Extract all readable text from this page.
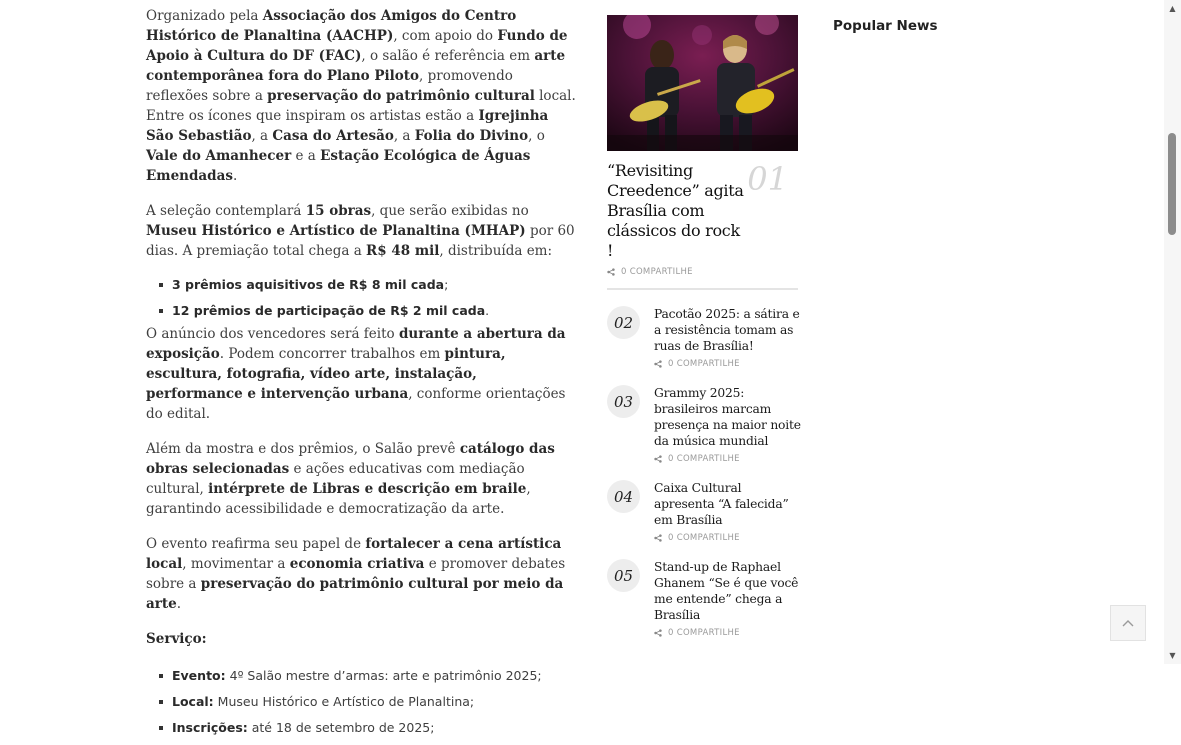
Organizado pela Associação dos Amigos do Centro Histórico de Planaltina (AACHP), com apoio do Fundo de Apoio à Cultura do DF (FAC), o salão é referência em arte contemporânea fora do Plano Piloto, promovendo reflexões sobre a preservação do patrimônio cultural local. Entre os ícones que inspiram os artistas estão a Igrejinha São Sebastião, a Casa do Artesão, a Folia do Divino, o Vale do Amanhecer e a Estação Ecológica de Águas Emendadas.

A seleção contemplará 15 obras, que serão exibidas no Museu Histórico e Artístico de Planaltina (MHAP) por 60 dias. A premiação total chega a R$ 48 mil, distribuída em:

3 prêmios aquisitivos de R$ 8 mil cada;
12 prêmios de participação de R$ 2 mil cada.

O anúncio dos vencedores será feito durante a abertura da exposição. Podem concorrer trabalhos em pintura, escultura, fotografia, vídeo arte, instalação, performance e intervenção urbana, conforme orientações do edital.

Além da mostra e dos prêmios, o Salão prevê catálogo das obras selecionadas e ações educativas com mediação cultural, intérprete de Libras e descrição em braile, garantindo acessibilidade e democratização da arte.

O evento reafirma seu papel de fortalecer a cena artística local, movimentar a economia criativa e promover debates sobre a preservação do patrimônio cultural por meio da arte.

Serviço:

Evento: 4º Salão mestre d’armas: arte e patrimônio 2025;
Local: Museu Histórico e Artístico de Planaltina;
Inscrições: até 18 de setembro de 2025;
“Revisiting Creedence” agita Brasília com clássicos do rock !
01
0 COMPARTILHE
02	Pacotão 2025: a sátira e a resistência tomam as ruas de Brasília!
0 COMPARTILHE
03	Grammy 2025: brasileiros marcam presença na maior noite da música mundial
0 COMPARTILHE
04	Caixa Cultural apresenta “A falecida” em Brasília
0 COMPARTILHE
05	Stand-up de Raphael Ghanem “Se é que você me entende” chega a Brasília
0 COMPARTILHE
Popular News
▲
▼
